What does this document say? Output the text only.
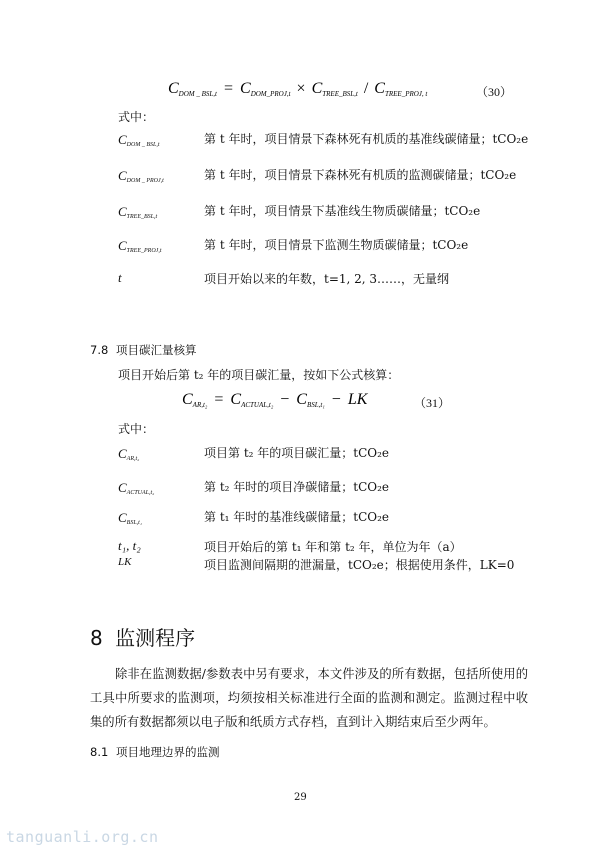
$C_{DOM \_ BSL,t} = C_{DOM\_PROJ,t} \times C_{TREE\_BSL,t} / C_{TREE\_PROJ, t}$	（30）
式中：
$C_{DOM \_ BSL,t}$	第 t 年时，项目情景下森林死有机质的基准线碳储量；tCO₂e
$C_{DOM \_ PROJ,t}$	第 t 年时，项目情景下森林死有机质的监测碳储量；tCO₂e
$C_{TREE\_BSL,t}$	第 t 年时，项目情景下基准线生物质碳储量；tCO₂e
$C_{TREE\_PROJ,t}$	第 t 年时，项目情景下监测生物质碳储量；tCO₂e
t	项目开始以来的年数，t=1, 2, 3……，无量纲
7.8 项目碳汇量核算
项目开始后第 t₂ 年的项目碳汇量，按如下公式核算：
$C_{AR,t_2} = C_{ACTUAL,t_2} - C_{BSL,t_1}$ − LK	（31）
式中：
$C_{AR,t_2}$	项目第 t₂ 年的项目碳汇量；tCO₂e
$C_{ACTUAL,t_2}$	第 t₂ 年时的项目净碳储量；tCO₂e
$C_{BSL,t_1}$	第 t₁ 年时的基准线碳储量；tCO₂e
t₁, t₂	项目开始后的第 t₁ 年和第 t₂ 年，单位为年（a）
LK	项目监测间隔期的泄漏量，tCO₂e；根据使用条件，LK=0
8 监测程序
除非在监测数据/参数表中另有要求，本文件涉及的所有数据，包括所使用的工具中所要求的监测项，均须按相关标准进行全面的监测和测定。监测过程中收集的所有数据都须以电子版和纸质方式存档，直到计入期结束后至少两年。
8.1 项目地理边界的监测
29
tanguanli.org.cn
